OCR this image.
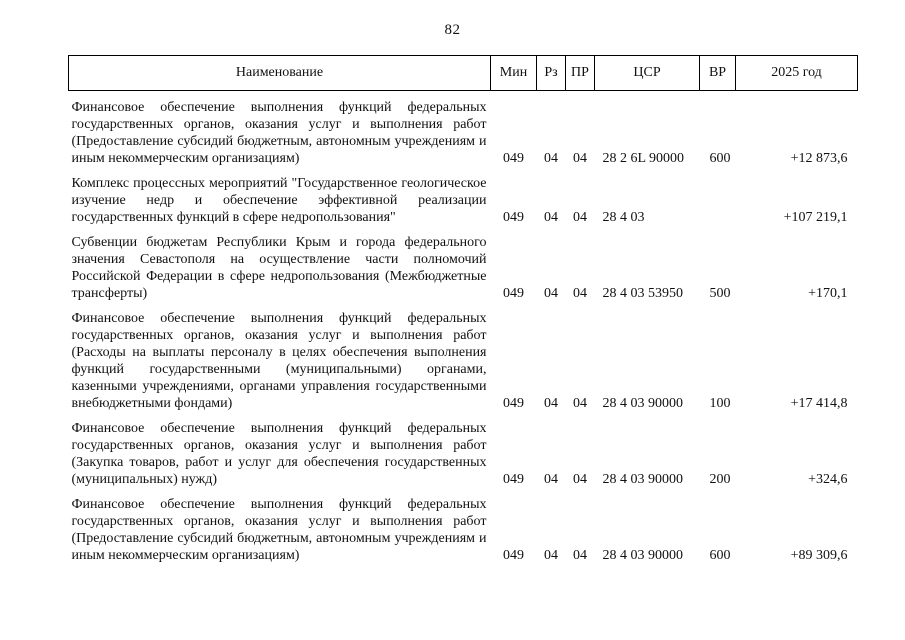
82
Наименование	Мин	Рз	ПР	ЦСР	ВР	2025 год
Финансовое обеспечение выполнения функций федеральных государственных органов, оказания услуг и выполнения работ (Предоставление субсидий бюджетным, автономным учреждениям и иным некоммерческим организациям)	049	04	04	28 2 6L 90000	600	+12 873,6
Комплекс процессных мероприятий "Государственное геологическое изучение недр и обеспечение эффективной реализации государственных функций в сфере недропользования"	049	04	04	28 4 03		+107 219,1
Субвенции бюджетам Республики Крым и города федерального значения Севастополя на осуществление части полномочий Российской Федерации в сфере недропользования (Межбюджетные трансферты)	049	04	04	28 4 03 53950	500	+170,1
Финансовое обеспечение выполнения функций федеральных государственных органов, оказания услуг и выполнения работ (Расходы на выплаты персоналу в целях обеспечения выполнения функций государственными (муниципальными) органами, казенными учреждениями, органами управления государственными внебюджетными фондами)	049	04	04	28 4 03 90000	100	+17 414,8
Финансовое обеспечение выполнения функций федеральных государственных органов, оказания услуг и выполнения работ (Закупка товаров, работ и услуг для обеспечения государственных (муниципальных) нужд)	049	04	04	28 4 03 90000	200	+324,6
Финансовое обеспечение выполнения функций федеральных государственных органов, оказания услуг и выполнения работ (Предоставление субсидий бюджетным, автономным учреждениям и иным некоммерческим организациям)	049	04	04	28 4 03 90000	600	+89 309,6
